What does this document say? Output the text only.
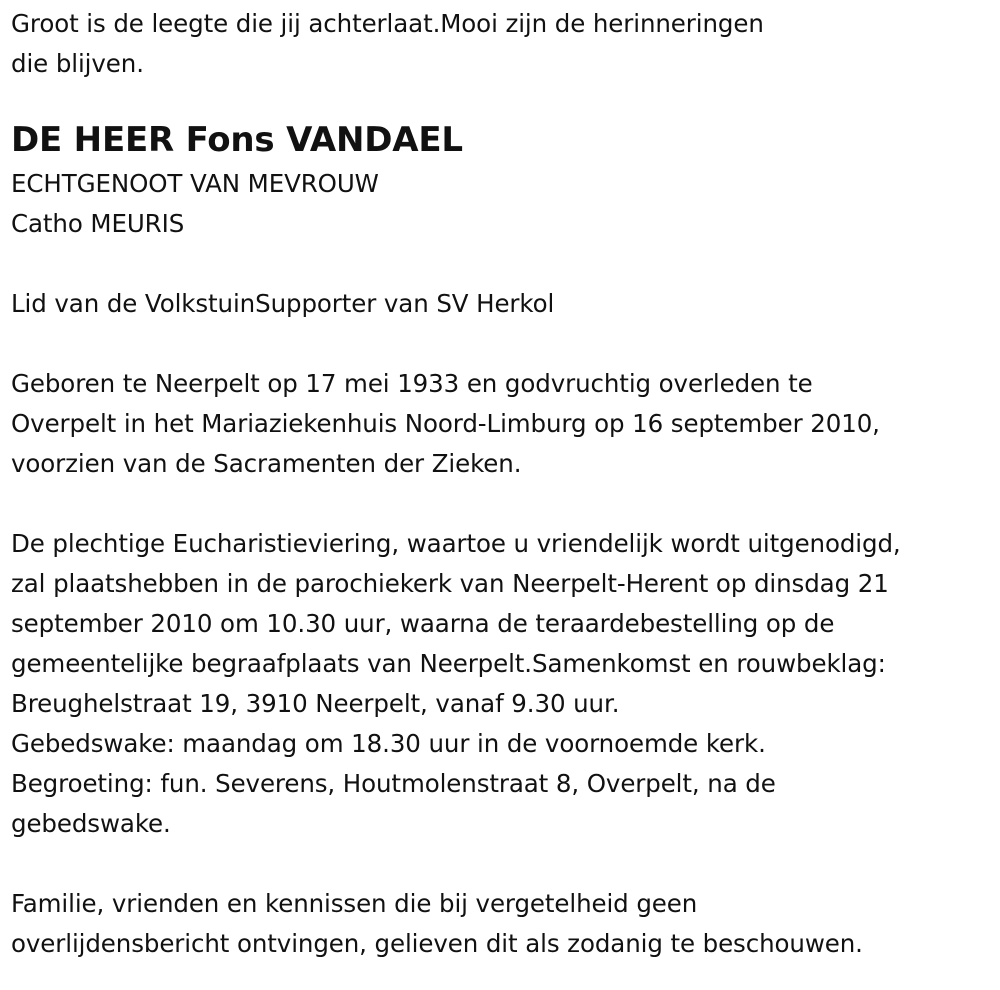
Groot is de leegte die jij achterlaat.Mooi zijn de herinneringen
die blijven.
DE HEER Fons VANDAEL
ECHTGENOOT VAN MEVROUW
Catho MEURIS
Lid van de VolkstuinSupporter van SV Herkol
Geboren te Neerpelt op 17 mei 1933 en godvruchtig overleden te
Overpelt in het Mariaziekenhuis Noord-Limburg op 16 september 2010,
voorzien van de Sacramenten der Zieken.
De plechtige Eucharistieviering, waartoe u vriendelijk wordt uitgenodigd,
zal plaatshebben in de parochiekerk van Neerpelt-Herent op dinsdag 21
september 2010 om 10.30 uur, waarna de teraardebestelling op de
gemeentelijke begraafplaats van Neerpelt.Samenkomst en rouwbeklag:
Breughelstraat 19, 3910 Neerpelt, vanaf 9.30 uur.
Gebedswake: maandag om 18.30 uur in de voornoemde kerk.
Begroeting: fun. Severens, Houtmolenstraat 8, Overpelt, na de
gebedswake.
Familie, vrienden en kennissen die bij vergetelheid geen
overlijdensbericht ontvingen, gelieven dit als zodanig te beschouwen.
